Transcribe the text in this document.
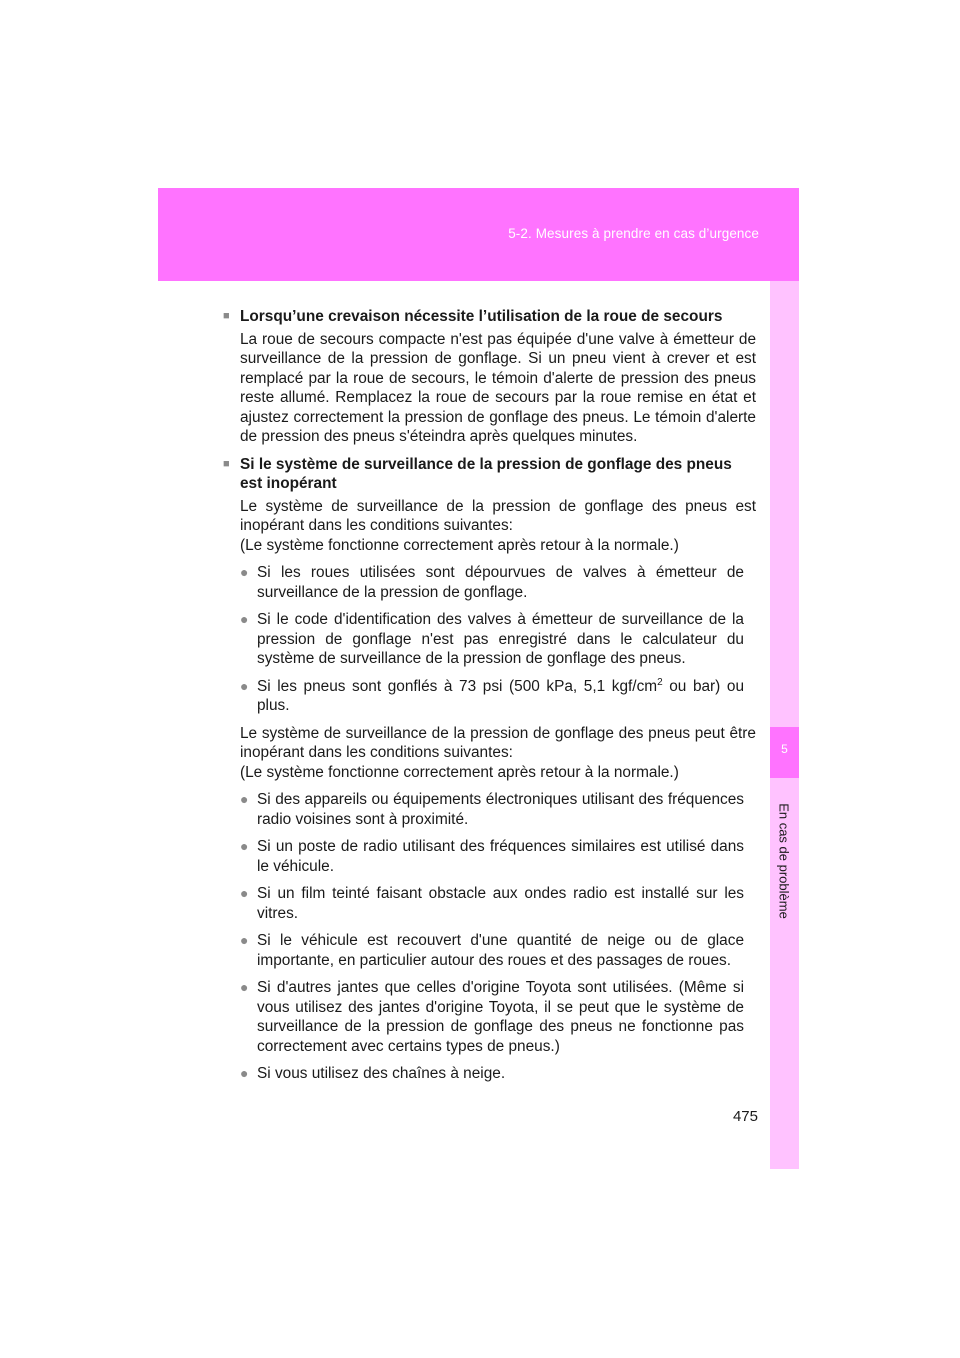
5-2. Mesures à prendre en cas d’urgence
5
En cas de problème
■ Lorsqu’une crevaison nécessite l’utilisation de la roue de secours
La roue de secours compacte n'est pas équipée d'une valve à émetteur de surveillance de la pression de gonflage. Si un pneu vient à crever et est remplacé par la roue de secours, le témoin d'alerte de pression des pneus reste allumé. Remplacez la roue de secours par la roue remise en état et ajustez correctement la pression de gonflage des pneus. Le témoin d'alerte de pression des pneus s'éteindra après quelques minutes.
■ Si le système de surveillance de la pression de gonflage des pneus est inopérant
Le système de surveillance de la pression de gonflage des pneus est inopérant dans les conditions suivantes:
(Le système fonctionne correctement après retour à la normale.)
● Si les roues utilisées sont dépourvues de valves à émetteur de surveillance de la pression de gonflage.
● Si le code d'identification des valves à émetteur de surveillance de la pression de gonflage n'est pas enregistré dans le calculateur du système de surveillance de la pression de gonflage des pneus.
● Si les pneus sont gonflés à 73 psi (500 kPa, 5,1 kgf/$cm^2$ ou bar) ou plus.
Le système de surveillance de la pression de gonflage des pneus peut être inopérant dans les conditions suivantes:
(Le système fonctionne correctement après retour à la normale.)
● Si des appareils ou équipements électroniques utilisant des fréquences radio voisines sont à proximité.
● Si un poste de radio utilisant des fréquences similaires est utilisé dans le véhicule.
● Si un film teinté faisant obstacle aux ondes radio est installé sur les vitres.
● Si le véhicule est recouvert d'une quantité de neige ou de glace importante, en particulier autour des roues et des passages de roues.
● Si d'autres jantes que celles d'origine Toyota sont utilisées. (Même si vous utilisez des jantes d'origine Toyota, il se peut que le système de surveillance de la pression de gonflage des pneus ne fonctionne pas correctement avec certains types de pneus.)
● Si vous utilisez des chaînes à neige.
475
